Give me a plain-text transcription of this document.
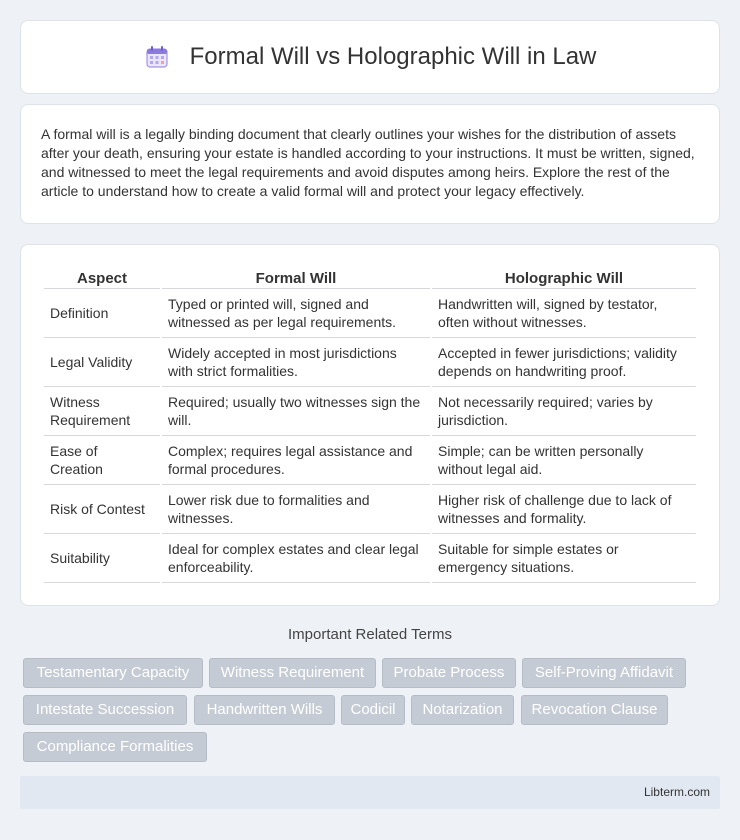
Formal Will vs Holographic Will in Law

A formal will is a legally binding document that clearly outlines your wishes for the distribution of assets after your death, ensuring your estate is handled according to your instructions. It must be written, signed, and witnessed to meet the legal requirements and avoid disputes among heirs. Explore the rest of the article to understand how to create a valid formal will and protect your legacy effectively.

Aspect	Formal Will	Holographic Will
Definition	Typed or printed will, signed and witnessed as per legal requirements.	Handwritten will, signed by testator, often without witnesses.
Legal Validity	Widely accepted in most jurisdictions with strict formalities.	Accepted in fewer jurisdictions; validity depends on handwriting proof.
Witness Requirement	Required; usually two witnesses sign the will.	Not necessarily required; varies by jurisdiction.
Ease of Creation	Complex; requires legal assistance and formal procedures.	Simple; can be written personally without legal aid.
Risk of Contest	Lower risk due to formalities and witnesses.	Higher risk of challenge due to lack of witnesses and formality.
Suitability	Ideal for complex estates and clear legal enforceability.	Suitable for simple estates or emergency situations.
Important Related Terms
Testamentary Capacity	Witness Requirement	Probate Process	Self-Proving Affidavit
Intestate Succession	Handwritten Wills	Codicil	Notarization	Revocation Clause
Compliance Formalities
Libterm.com
